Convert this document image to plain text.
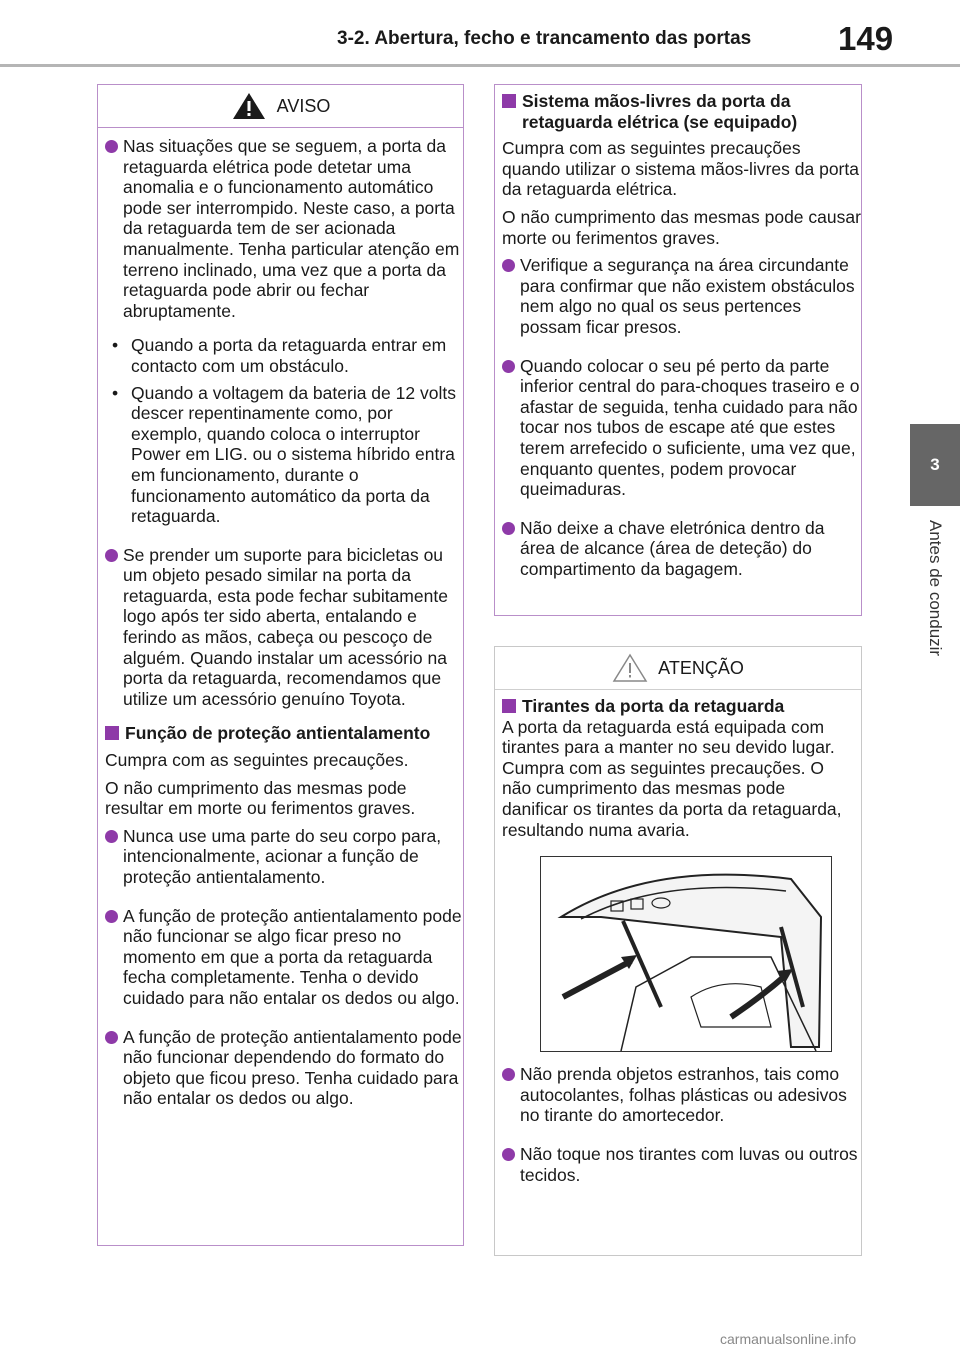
3-2. Abertura, fecho e trancamento das portas	149
3
Antes de conduzir
AVISO
Nas situações que se seguem, a porta da retaguarda elétrica pode detetar uma anomalia e o funcionamento automático pode ser interrompido. Neste caso, a porta da retaguarda tem de ser acionada manualmente. Tenha particular atenção em terreno inclinado, uma vez que a porta da retaguarda pode abrir ou fechar abruptamente.
• Quando a porta da retaguarda entrar em contacto com um obstáculo.
• Quando a voltagem da bateria de 12 volts descer repentinamente como, por exemplo, quando coloca o interruptor Power em LIG. ou o sistema híbrido entra em funcionamento, durante o funcionamento automático da porta da retaguarda.
Se prender um suporte para bicicletas ou um objeto pesado similar na porta da retaguarda, esta pode fechar subitamente logo após ter sido aberta, entalando e ferindo as mãos, cabeça ou pescoço de alguém. Quando instalar um acessório na porta da retaguarda, recomendamos que utilize um acessório genuíno Toyota.
Função de proteção antientalamento

Cumpra com as seguintes precauções.

O não cumprimento das mesmas pode resultar em morte ou ferimentos graves.

Nunca use uma parte do seu corpo para, intencionalmente, acionar a função de proteção antientalamento.
A função de proteção antientalamento pode não funcionar se algo ficar preso no momento em que a porta da retaguarda fecha completamente. Tenha o devido cuidado para não entalar os dedos ou algo.
A função de proteção antientalamento pode não funcionar dependendo do formato do objeto que ficou preso. Tenha cuidado para não entalar os dedos ou algo.
Sistema mãos-livres da porta da retaguarda elétrica (se equipado)

Cumpra com as seguintes precauções quando utilizar o sistema mãos-livres da porta da retaguarda elétrica.

O não cumprimento das mesmas pode causar morte ou ferimentos graves.

Verifique a segurança na área circundante para confirmar que não existem obstáculos nem algo no qual os seus pertences possam ficar presos.
Quando colocar o seu pé perto da parte inferior central do para-choques traseiro e o afastar de seguida, tenha cuidado para não tocar nos tubos de escape até que estes terem arrefecido o suficiente, uma vez que, enquanto quentes, podem provocar queimaduras.
Não deixe a chave eletrónica dentro da área de alcance (área de deteção) do compartimento da bagagem.
ATENÇÃO
Tirantes da porta da retaguarda

A porta da retaguarda está equipada com tirantes para a manter no seu devido lugar. Cumpra com as seguintes precauções. O não cumprimento das mesmas pode danificar os tirantes da porta da retaguarda, resultando numa avaria.

Não prenda objetos estranhos, tais como autocolantes, folhas plásticas ou adesivos no tirante do amortecedor.
Não toque nos tirantes com luvas ou outros tecidos.
carmanualsonline.info
